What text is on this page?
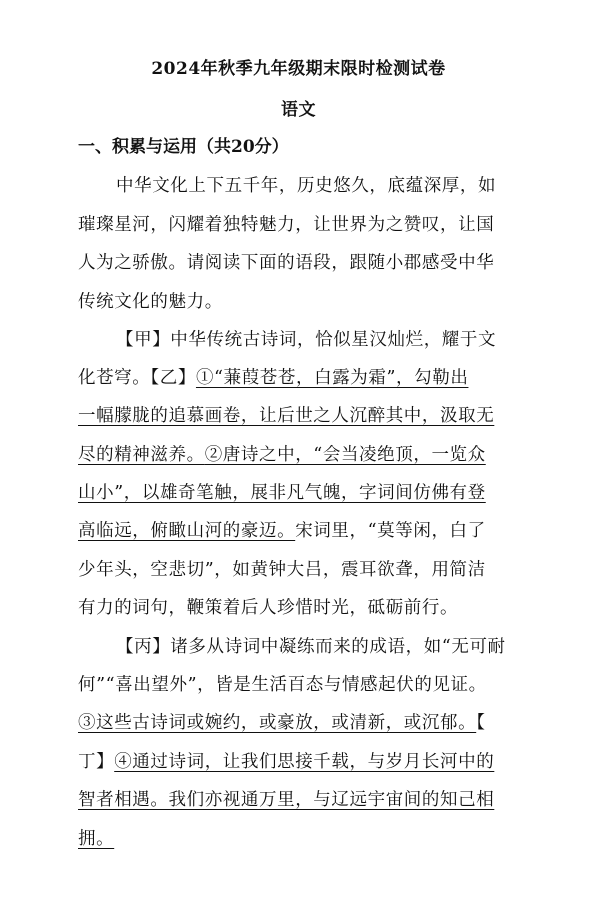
2024年秋季九年级期末限时检测试卷
语文
一、积累与运用（共20分）
中华文化上下五千年，历史悠久，底蕴深厚，如
璀璨星河，闪耀着独特魅力，让世界为之赞叹，让国
人为之骄傲。请阅读下面的语段，跟随小郡感受中华
传统文化的魅力。
【甲】中华传统古诗词，恰似星汉灿烂，耀于文
化苍穹。【乙】①“蒹葭苍苍，白露为霜”，勾勒出
一幅朦胧的追慕画卷，让后世之人沉醉其中，汲取无
尽的精神滋养。②唐诗之中，“会当凌绝顶，一览众
山小”，以雄奇笔触，展非凡气魄，字词间仿佛有登
高临远，俯瞰山河的豪迈。宋词里，“莫等闲，白了
少年头，空悲切”，如黄钟大吕，震耳欲聋，用简洁
有力的词句，鞭策着后人珍惜时光，砥砺前行。
【丙】诸多从诗词中凝练而来的成语，如“无可耐
何”“喜出望外”，皆是生活百态与情感起伏的见证。
③这些古诗词或婉约，或豪放，或清新，或沉郁。【
丁】④通过诗词，让我们思接千载，与岁月长河中的
智者相遇。我们亦视通万里，与辽远宇宙间的知己相
拥。
